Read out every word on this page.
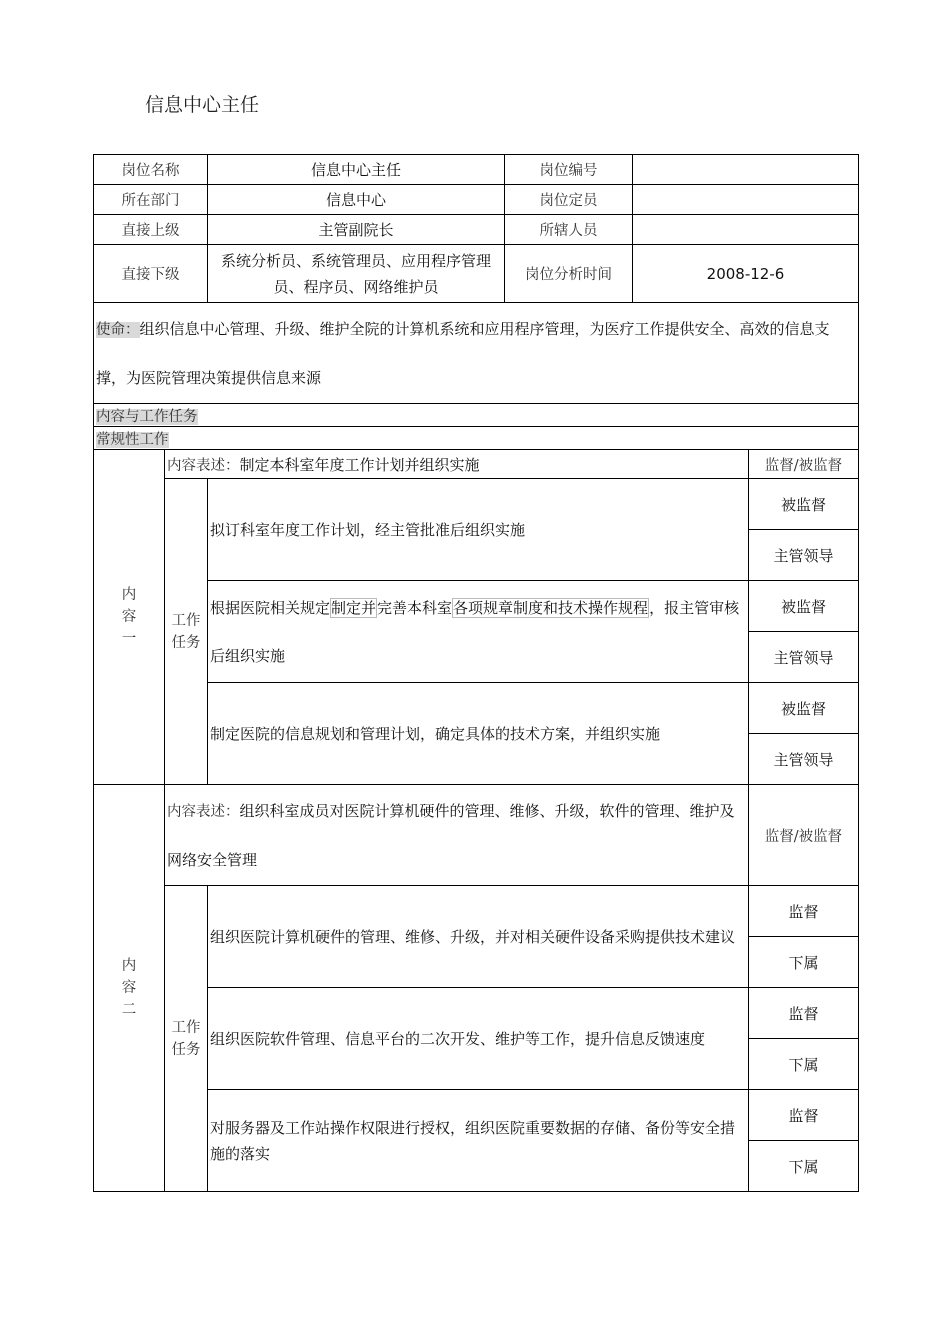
信息中心主任
岗位名称		信息中心主任	岗位编号		
所在部门		信息中心	岗位定员		
直接上级		主管副院长	所辖人员		
直接下级		系统分析员、系统管理员、应用程序管理员、程序员、网络维护员	岗位分析时间	2008-12-6	
使命：组织信息中心管理、升级、维护全院的计算机系统和应用程序管理，为医疗工作提供安全、高效的信息支撑，为医院管理决策提供信息来源					
内容与工作任务					
常规性工作					
内
容
一	内容表述：制定本科室年度工作计划并组织实施				监督/被监督
	工作
任务	拟订科室年度工作计划，经主管批准后组织实施			被监督
					主管领导
		根据医院相关规定制定并完善本科室各项规章制度和技术操作规程，报主管审核后组织实施			被监督
					主管领导
		制定医院的信息规划和管理计划，确定具体的技术方案，并组织实施			被监督
					主管领导
内
容
二	内容表述：组织科室成员对医院计算机硬件的管理、维修、升级，软件的管理、维护及网络安全管理				监督/被监督
	工作
任务	组织医院计算机硬件的管理、维修、升级，并对相关硬件设备采购提供技术建议			监督
					下属
		组织医院软件管理、信息平台的二次开发、维护等工作，提升信息反馈速度			监督
					下属
		对服务器及工作站操作权限进行授权，组织医院重要数据的存储、备份等安全措施的落实			监督
					下属
